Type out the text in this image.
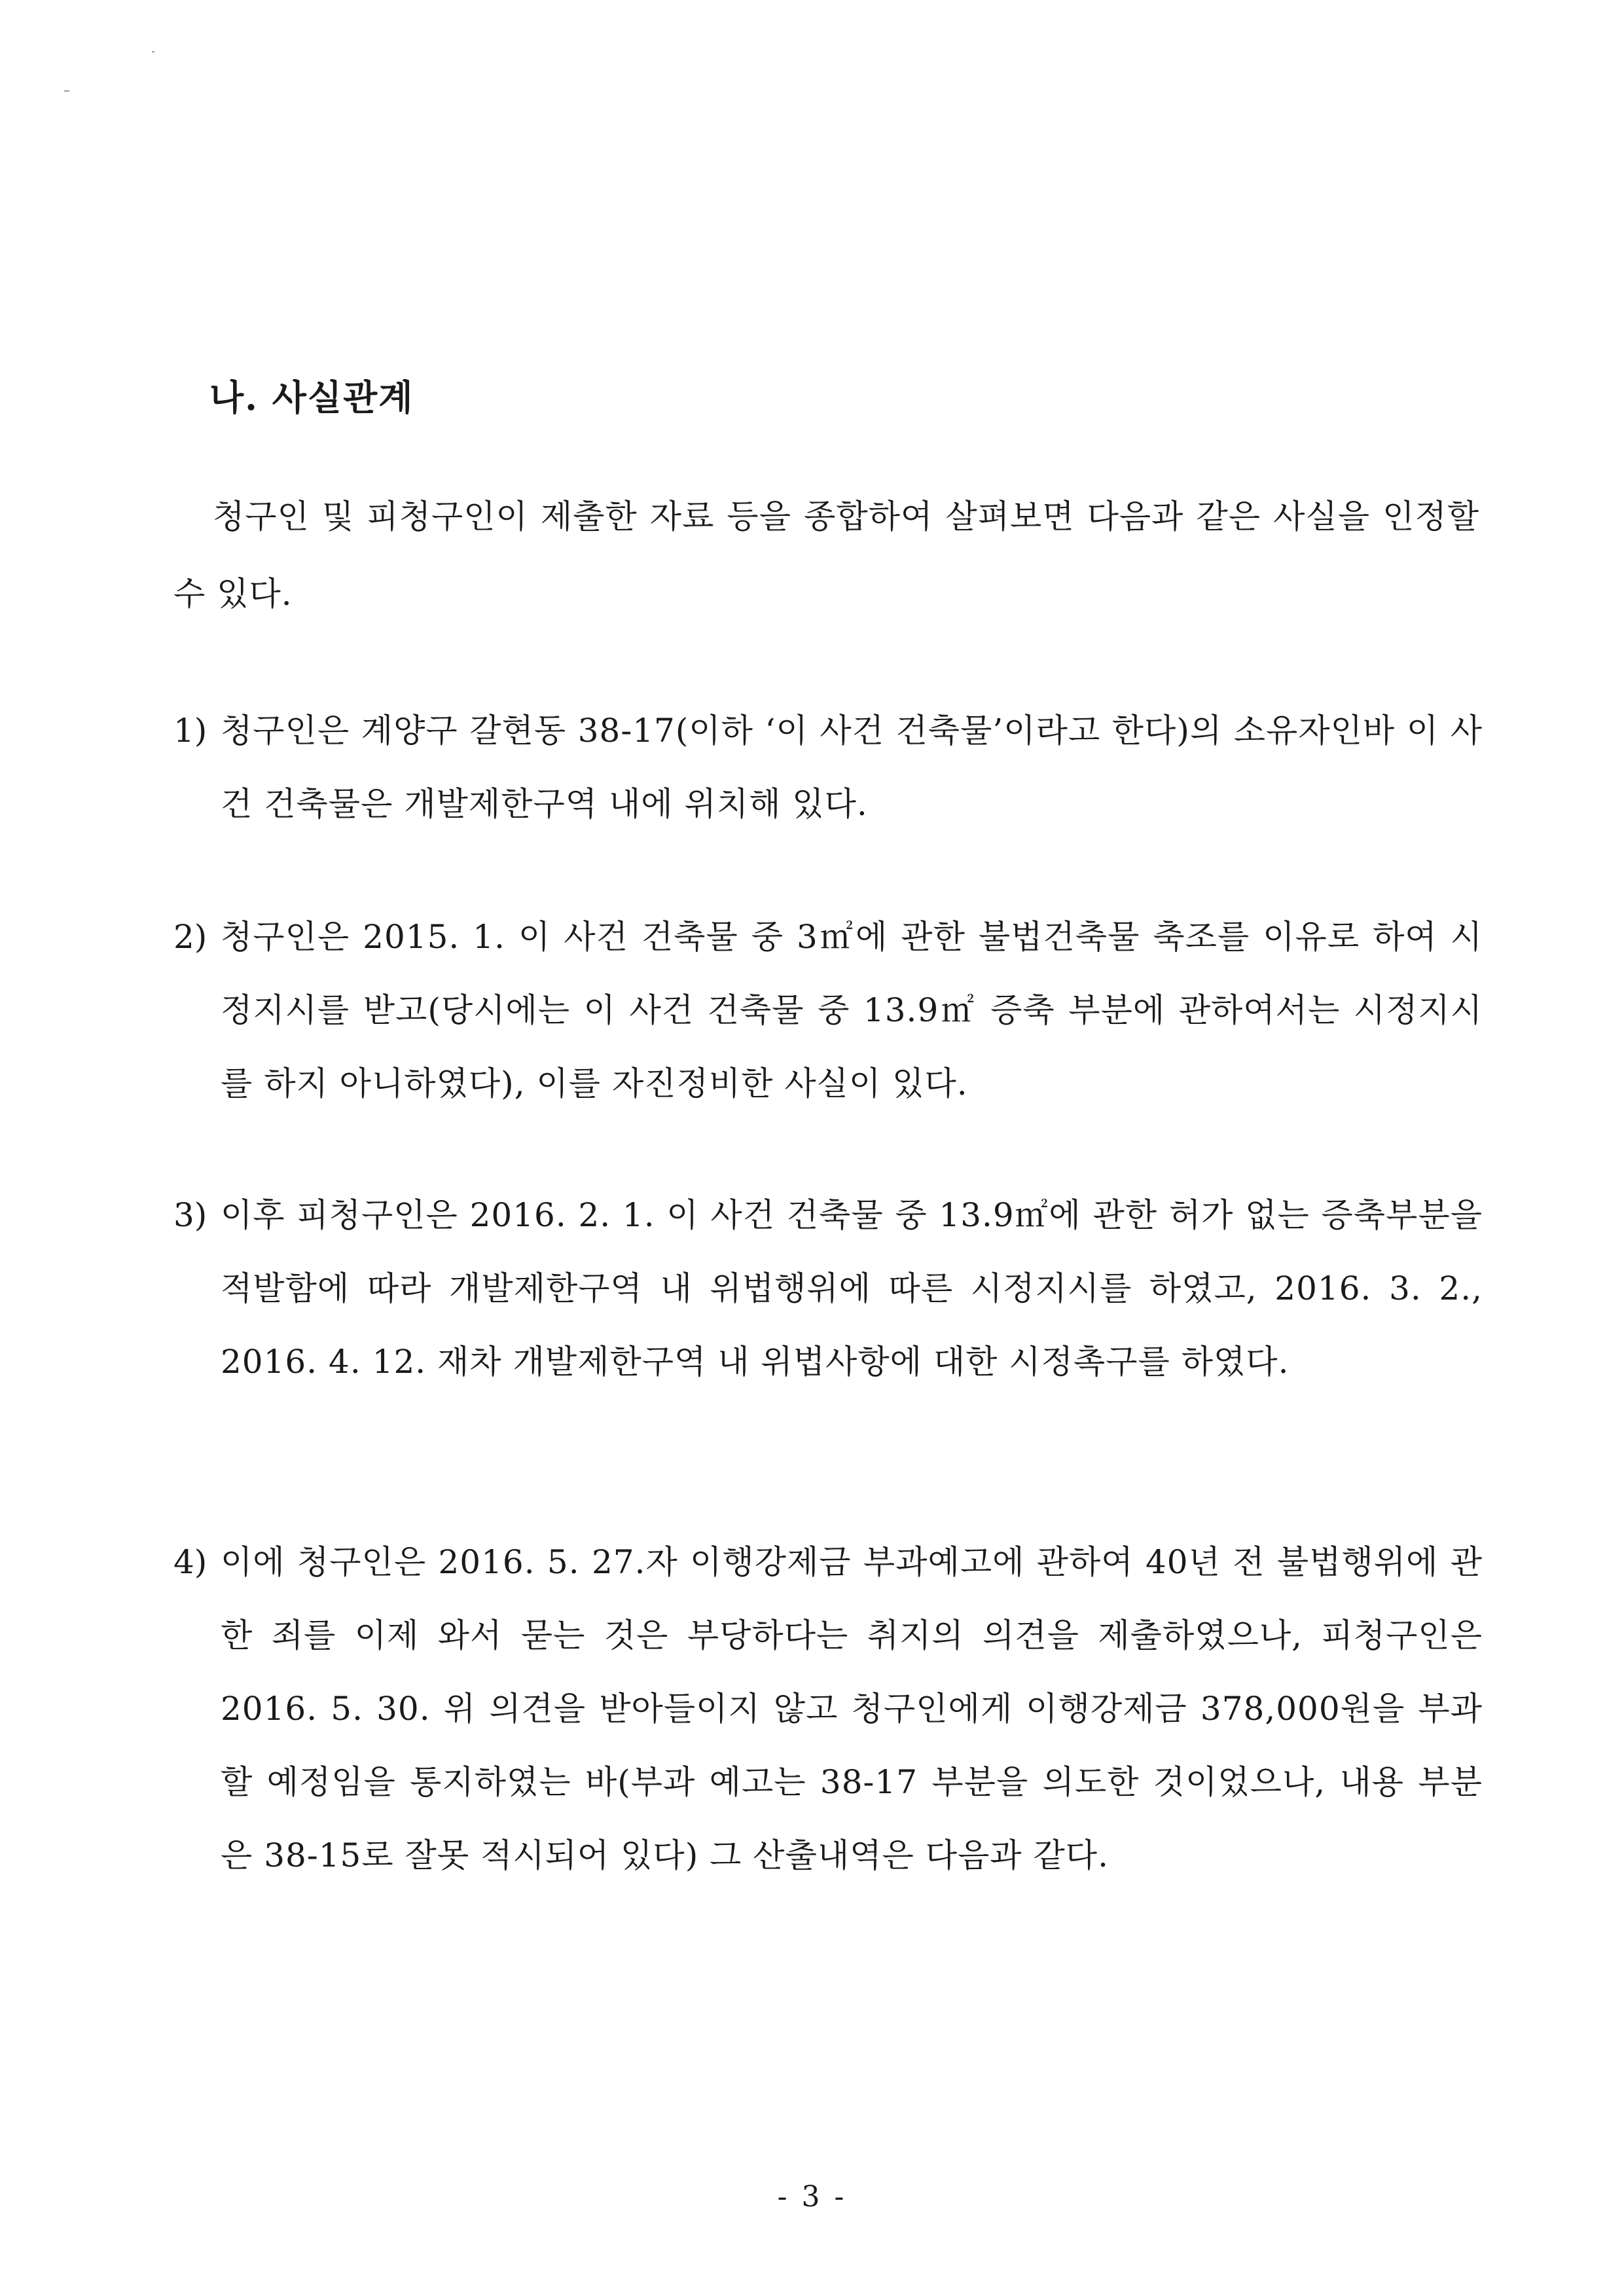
나. 사실관계

청구인 및 피청구인이 제출한 자료 등을 종합하여 살펴보면 다음과 같은 사실을 인정할 수 있다.

1) 청구인은 계양구 갈현동 38-17(이하 ‘이 사건 건축물’이라고 한다)의 소유자인바 이 사건 건축물은 개발제한구역 내에 위치해 있다.
2) 청구인은 2015. 1. 이 사건 건축물 중 3㎡에 관한 불법건축물 축조를 이유로 하여 시정지시를 받고(당시에는 이 사건 건축물 중 13.9㎡ 증축 부분에 관하여서는 시정지시를 하지 아니하였다), 이를 자진정비한 사실이 있다.
3) 이후 피청구인은 2016. 2. 1. 이 사건 건축물 중 13.9㎡에 관한 허가 없는 증축부분을 적발함에 따라 개발제한구역 내 위법행위에 따른 시정지시를 하였고, 2016. 3. 2., 2016. 4. 12. 재차 개발제한구역 내 위법사항에 대한 시정촉구를 하였다.
4) 이에 청구인은 2016. 5. 27.자 이행강제금 부과예고에 관하여 40년 전 불법행위에 관한 죄를 이제 와서 묻는 것은 부당하다는 취지의 의견을 제출하였으나, 피청구인은 2016. 5. 30. 위 의견을 받아들이지 않고 청구인에게 이행강제금 378,000원을 부과할 예정임을 통지하였는 바(부과 예고는 38-17 부분을 의도한 것이었으나, 내용 부분은 38-15로 잘못 적시되어 있다) 그 산출내역은 다음과 같다.
- 3 -
